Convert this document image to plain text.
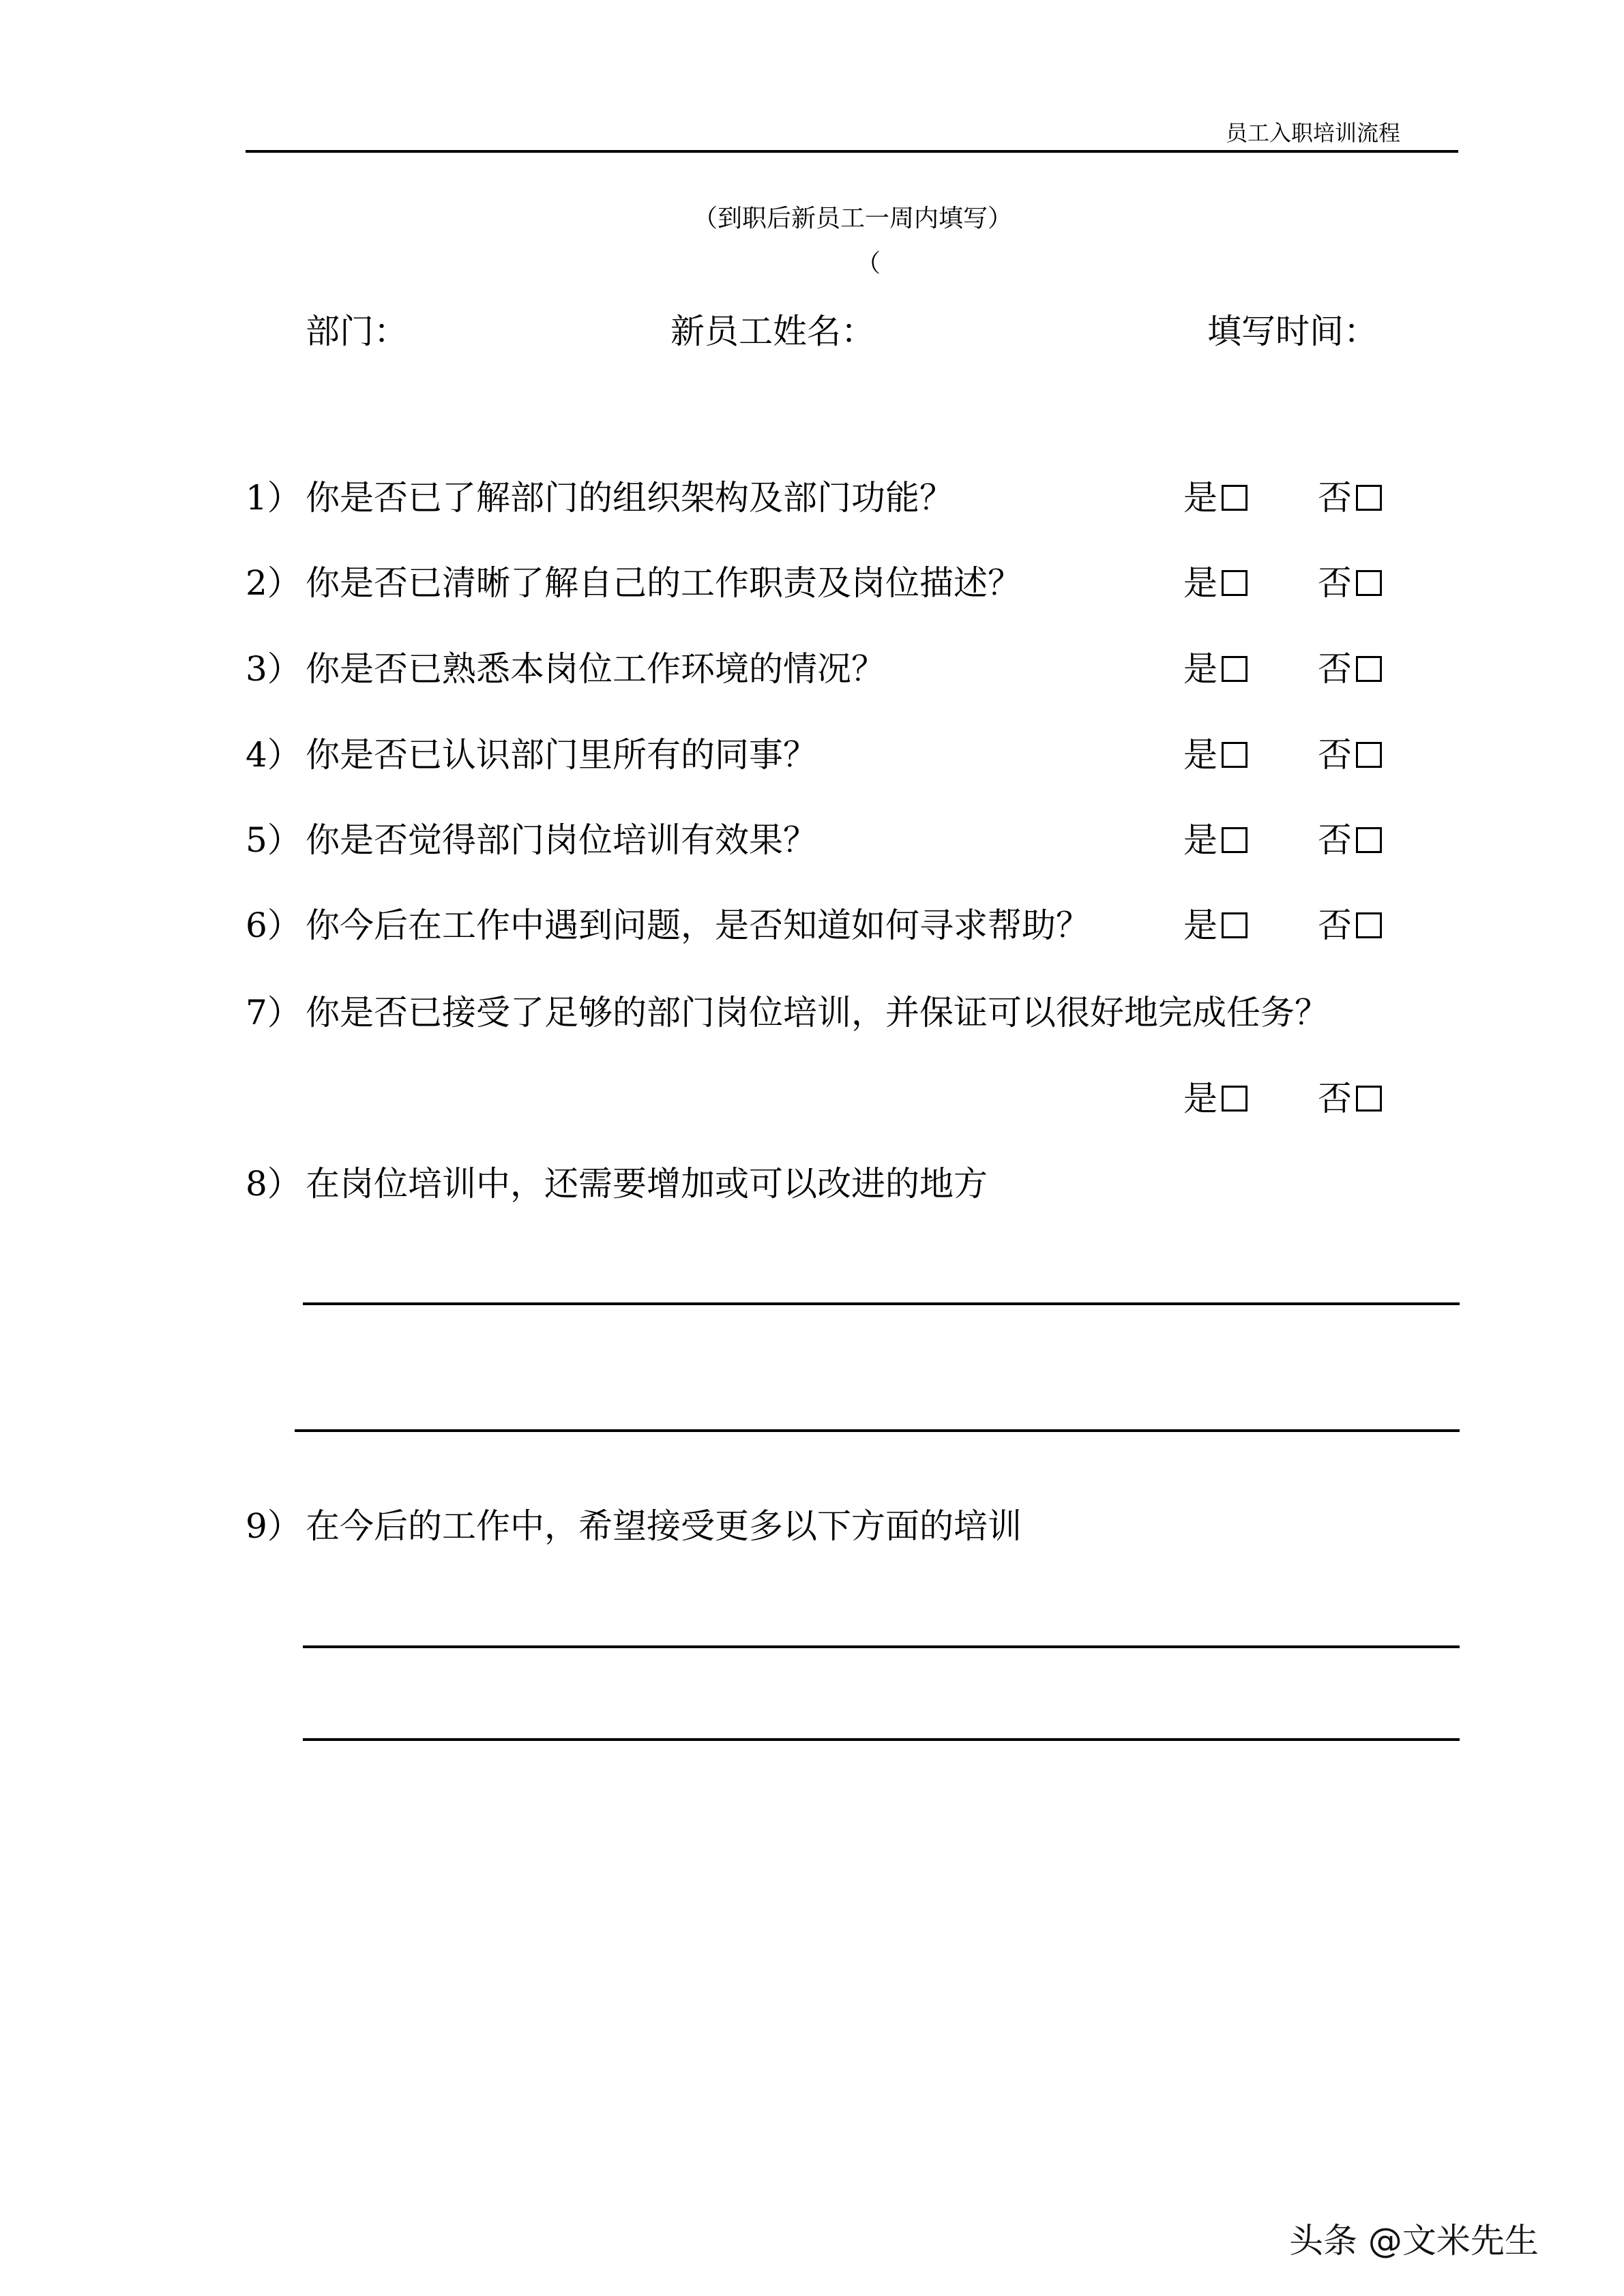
员工入职培训流程
（到职后新员工一周内填写）
（
部门：	新员工姓名：	填写时间：
1） 你是否已了解部门的组织架构及部门功能？	是	否
2） 你是否已清晰了解自己的工作职责及岗位描述？	是	否
3） 你是否已熟悉本岗位工作环境的情况？	是	否
4） 你是否已认识部门里所有的同事？	是	否
5） 你是否觉得部门岗位培训有效果？	是	否
6） 你今后在工作中遇到问题，是否知道如何寻求帮助？	是	否
7） 你是否已接受了足够的部门岗位培训，并保证可以很好地完成任务？
是	否
8） 在岗位培训中，还需要增加或可以改进的地方
9） 在今后的工作中，希望接受更多以下方面的培训
头条 @文米先生
